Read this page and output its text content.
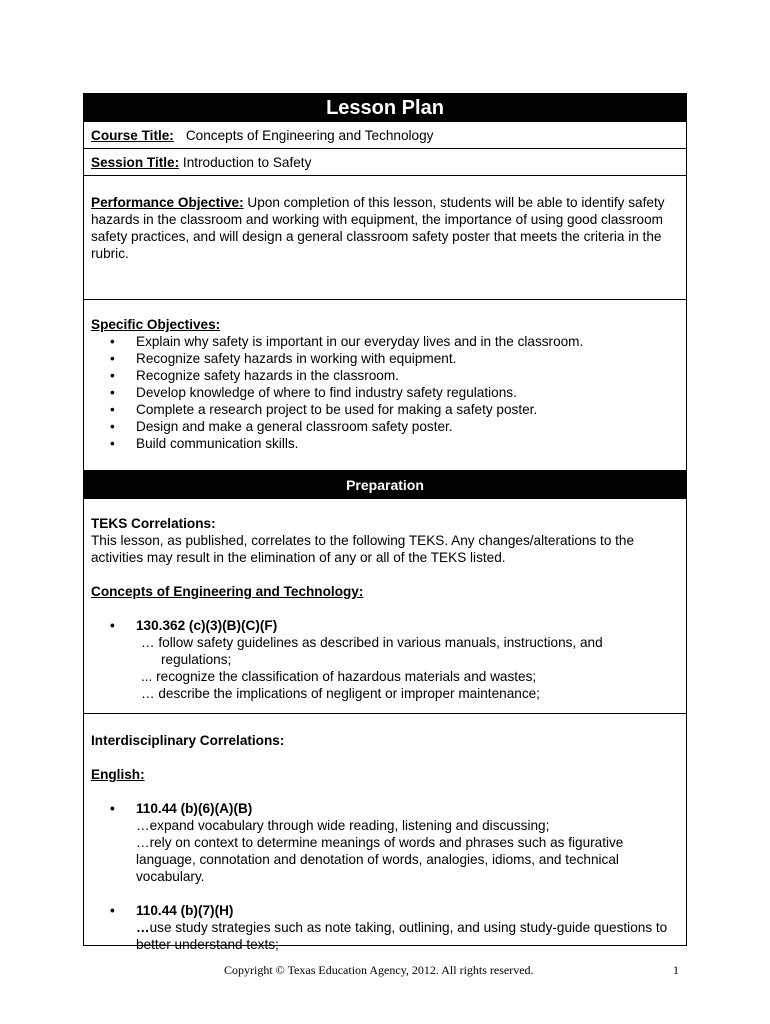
Lesson Plan
Course Title: Concepts of Engineering and Technology
Session Title:
Introduction to Safety
Performance Objective: Upon completion of this lesson, students will be able to identify safety
hazards in the classroom and working with equipment, the importance of using good classroom
safety practices, and will design a general classroom safety poster that meets the criteria in the
rubric.
Specific Objectives:
• Explain why safety is important in our everyday lives and in the classroom.
• Recognize safety hazards in working with equipment.
• Recognize safety hazards in the classroom.
• Develop knowledge of where to find industry safety regulations.
• Complete a research project to be used for making a safety poster.
• Design and make a general classroom safety poster.
• Build communication skills.
Preparation
TEKS Correlations:
This lesson, as published, correlates to the following TEKS. Any changes/alterations to the
activities may result in the elimination of any or all of the TEKS listed.
Concepts of Engineering and Technology:
• 130.362 (c)(3)(B)(C)(F)
… follow safety guidelines as described in various manuals, instructions, and
regulations;
... recognize the classification of hazardous materials and wastes;
… describe the implications of negligent or improper maintenance;
Interdisciplinary Correlations:
English:
• 110.44 (b)(6)(A)(B)
…expand vocabulary through wide reading, listening and discussing;
…rely on context to determine meanings of words and phrases such as figurative
language, connotation and denotation of words, analogies, idioms, and technical
vocabulary.
• 110.44 (b)(7)(H)
…use study strategies such as note taking, outlining, and using study-guide questions to
better understand texts;
Copyright © Texas Education Agency, 2012. All rights reserved.	1
